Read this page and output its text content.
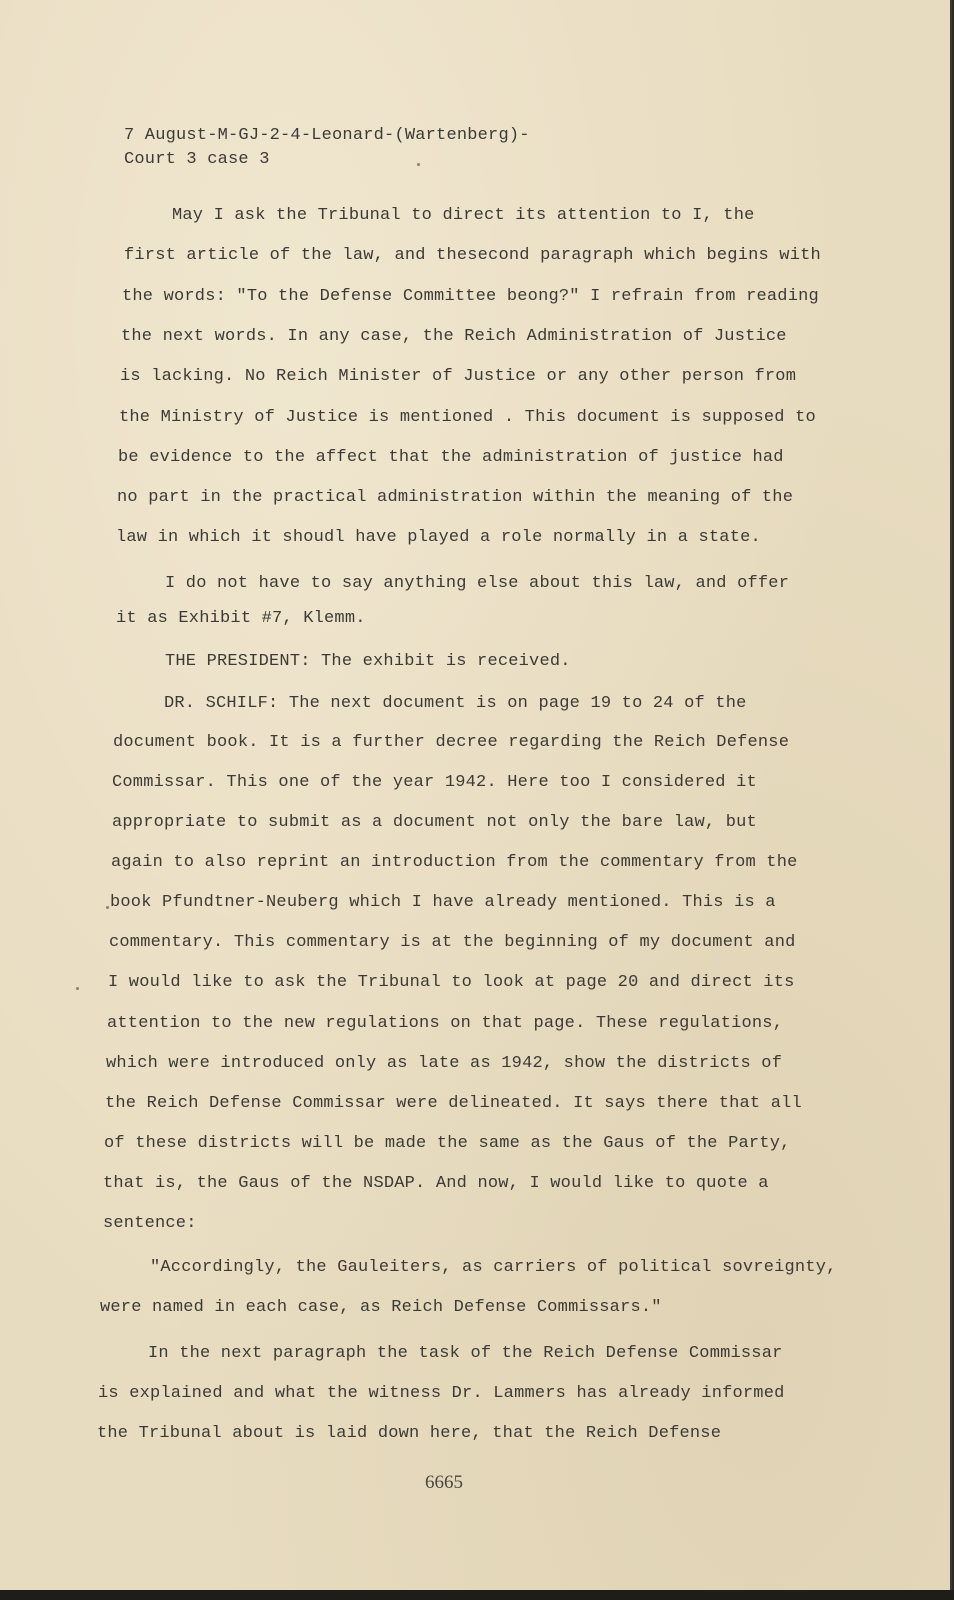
7 August-M-GJ-2-4-Leonard-(Wartenberg)-
Court 3 case 3
May I ask the Tribunal to direct its attention to I, the
first article of the law, and thesecond paragraph which begins with
the words: "To the Defense Committee beong?" I refrain from reading
the next words. In any case, the Reich Administration of Justice
is lacking. No Reich Minister of Justice or any other person from
the Ministry of Justice is mentioned . This document is supposed to
be evidence to the affect that the administration of justice had
no part in the practical administration within the meaning of the
law in which it shoudl have played a role normally in a state.
I do not have to say anything else about this law, and offer
it as Exhibit #7, Klemm.
THE PRESIDENT: The exhibit is received.
DR. SCHILF: The next document is on page 19 to 24 of the
document book. It is a further decree regarding the Reich Defense
Commissar. This one of the year 1942. Here too I considered it
appropriate to submit as a document not only the bare law, but
again to also reprint an introduction from the commentary from the
book Pfundtner-Neuberg which I have already mentioned. This is a
commentary. This commentary is at the beginning of my document and
I would like to ask the Tribunal to look at page 20 and direct its
attention to the new regulations on that page. These regulations,
which were introduced only as late as 1942, show the districts of
the Reich Defense Commissar were delineated. It says there that all
of these districts will be made the same as the Gaus of the Party,
that is, the Gaus of the NSDAP. And now, I would like to quote a
sentence:
"Accordingly, the Gauleiters, as carriers of political sovreignty,
were named in each case, as Reich Defense Commissars."
In the next paragraph the task of the Reich Defense Commissar
is explained and what the witness Dr. Lammers has already informed
the Tribunal about is laid down here, that the Reich Defense
6665
